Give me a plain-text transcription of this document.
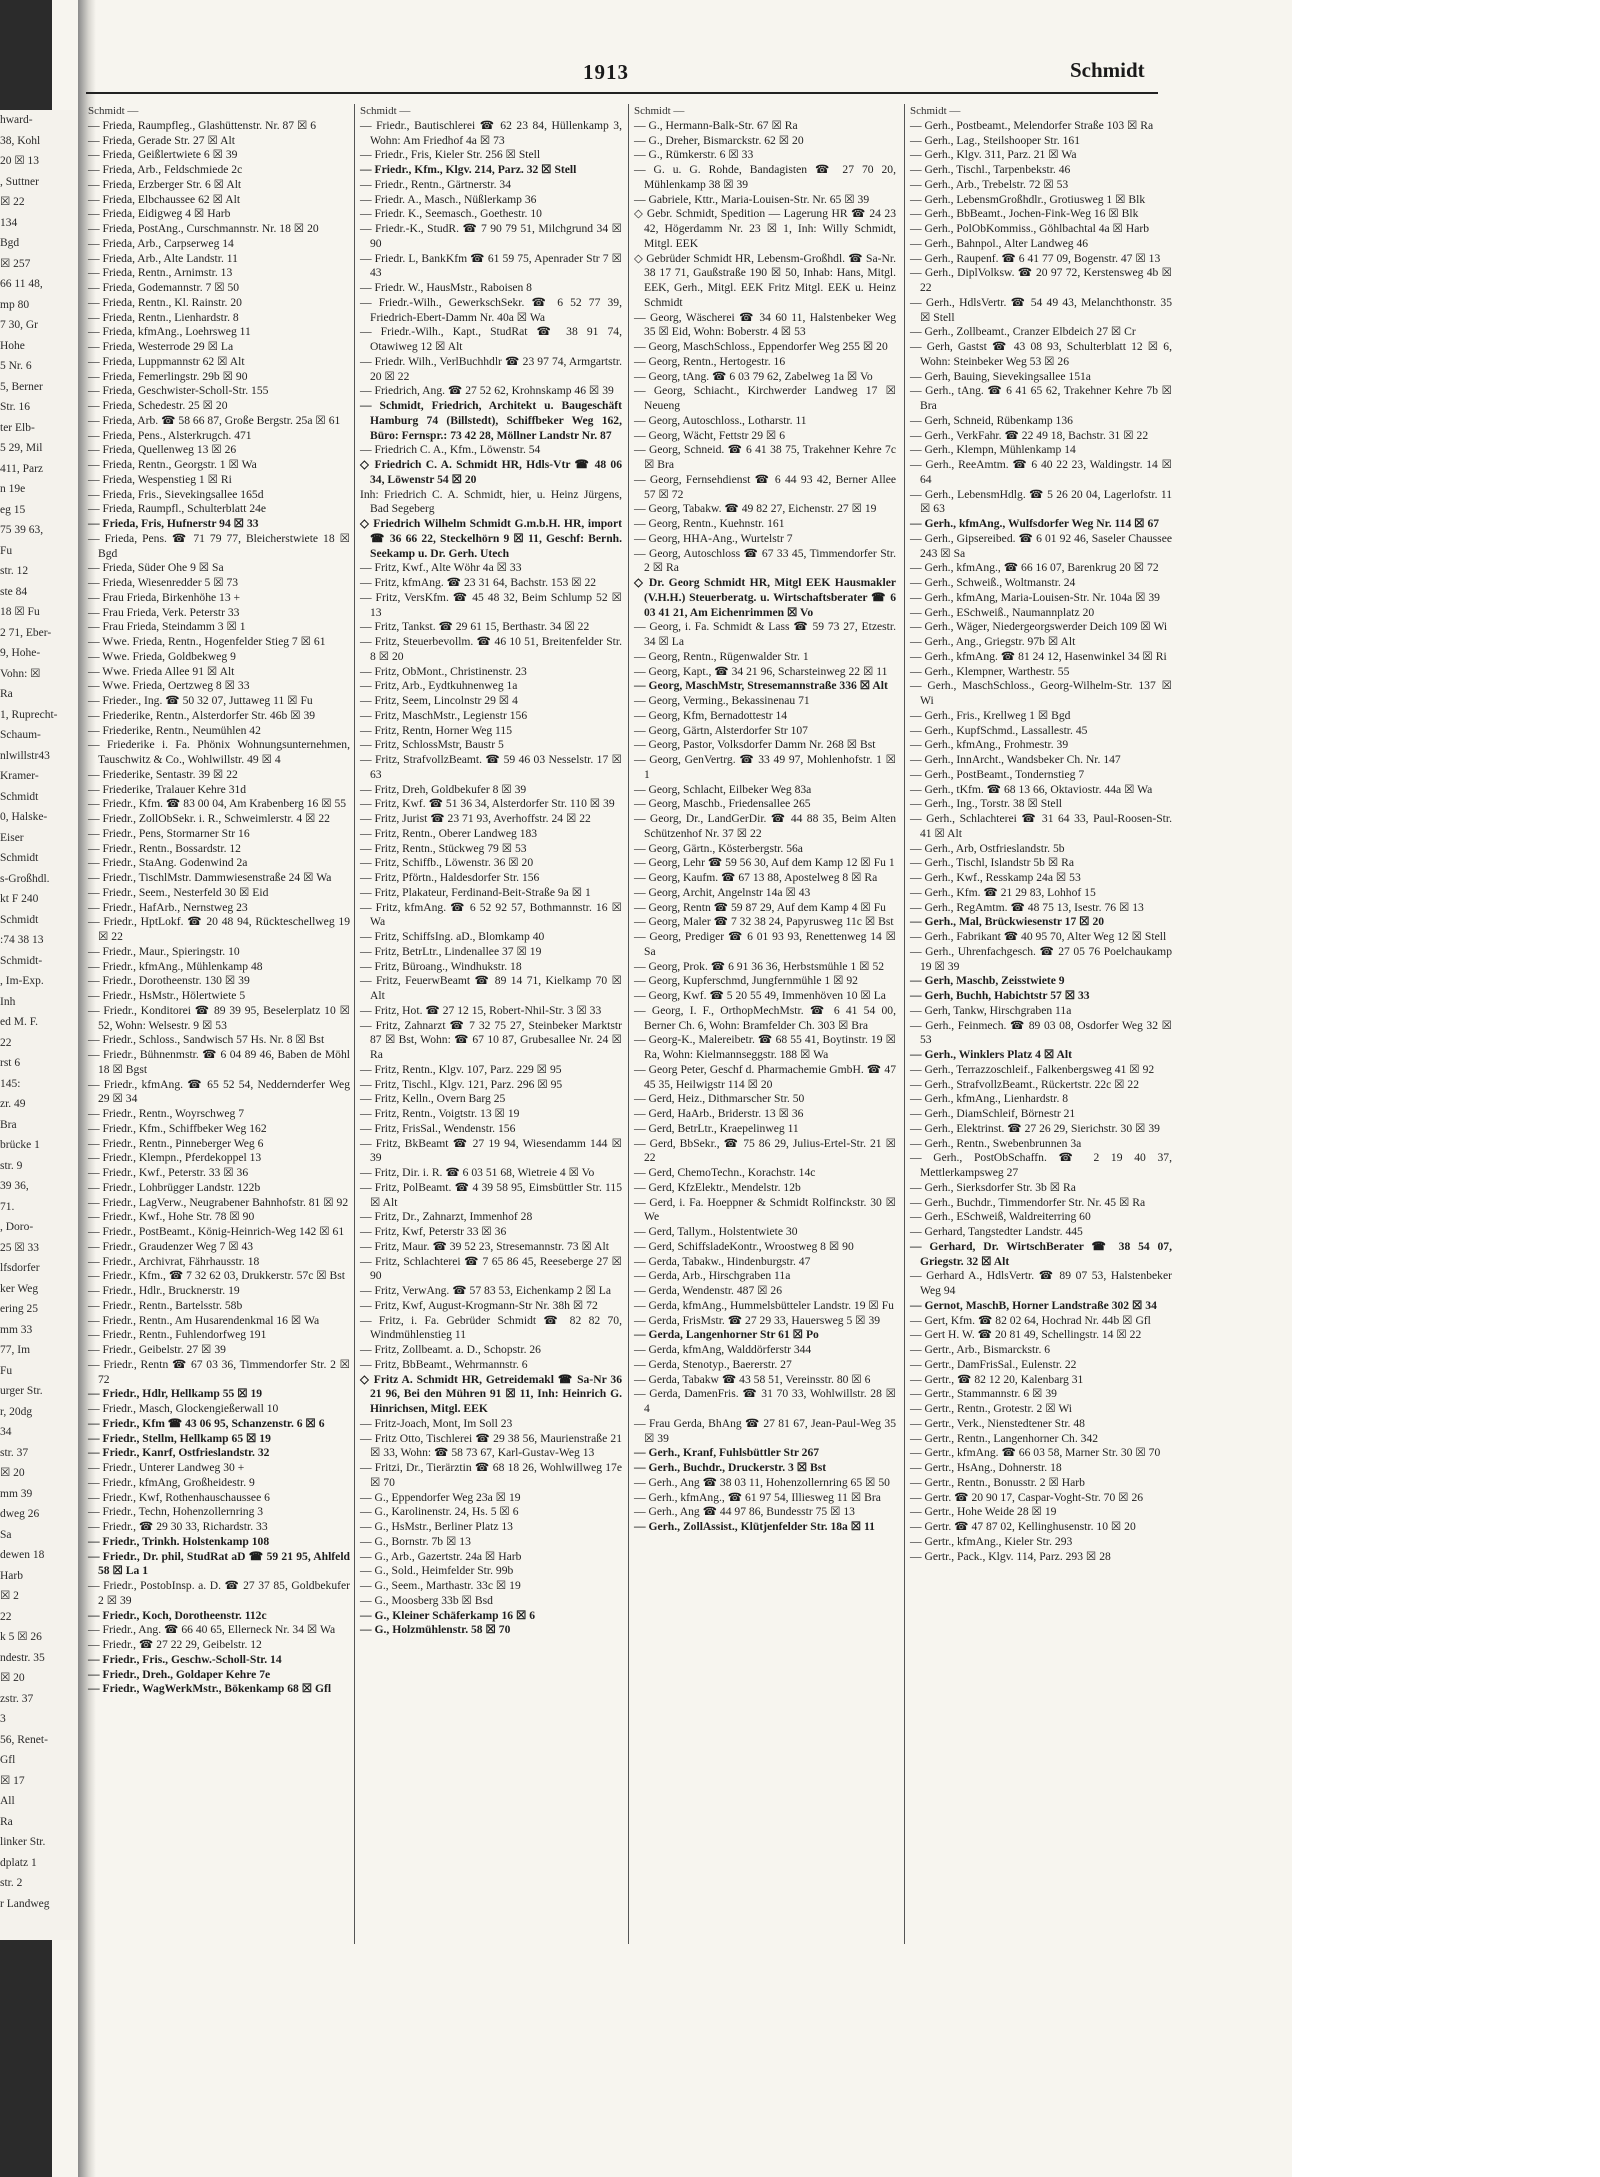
hward-
38, Kohl
20 ☒ 13
, Suttner
☒ 22
134
Bgd
☒ 257
66 11 48,
mp 80
7 30, Gr
Hohe
5 Nr. 6
5, Berner
Str. 16
ter Elb-
5 29, Mil
411, Parz
n 19e
eg 15
75 39 63,
Fu
str. 12
ste 84
18 ☒ Fu
2 71, Eber-
9, Hohe-
Vohn: ☒
Ra
1, Ruprecht-
Schaum-
nlwillstr43
Kramer-
Schmidt
0, Halske-
Eiser
Schmidt
s-Großhdl.
kt F 240
Schmidt
:74 38 13
Schmidt-
, Im-Exp.
Inh
ed M. F.
22
rst 6
145:
zr. 49
Bra
brücke 1
str. 9
39 36,
71.
, Doro-
25 ☒ 33
lfsdorfer
ker Weg
ering 25
mm 33
77, Im
Fu
urger Str.
r, 20dg
34
str. 37
☒ 20
mm 39
dweg 26
Sa
dewen 18
Harb
☒ 2
22
k 5 ☒ 26
ndestr. 35
☒ 20
zstr. 37
3
56, Renet-
Gfl
☒ 17
All
Ra
linker Str.
dplatz 1
str. 2
r Landweg
1913	Schmidt
Schmidt —
— Frieda, Raumpfleg., Glashüttenstr. Nr. 87 ☒ 6
— Frieda, Gerade Str. 27 ☒ Alt
— Frieda, Geißlertwiete 6 ☒ 39
— Frieda, Arb., Feldschmiede 2c
— Frieda, Erzberger Str. 6 ☒ Alt
— Frieda, Elbchaussee 62 ☒ Alt
— Frieda, Eidigweg 4 ☒ Harb
— Frieda, PostAng., Curschmannstr. Nr. 18 ☒ 20
— Frieda, Arb., Carpserweg 14
— Frieda, Arb., Alte Landstr. 11
— Frieda, Rentn., Arnimstr. 13
— Frieda, Godemannstr. 7 ☒ 50
— Frieda, Rentn., Kl. Rainstr. 20
— Frieda, Rentn., Lienhardstr. 8
— Frieda, kfmAng., Loehrsweg 11
— Frieda, Westerrode 29 ☒ La
— Frieda, Luppmannstr 62 ☒ Alt
— Frieda, Femerlingstr. 29b ☒ 90
— Frieda, Geschwister-Scholl-Str. 155
— Frieda, Schedestr. 25 ☒ 20
— Frieda, Arb. ☎ 58 66 87, Große Bergstr. 25a ☒ 61
— Frieda, Pens., Alsterkrugch. 471
— Frieda, Quellenweg 13 ☒ 26
— Frieda, Rentn., Georgstr. 1 ☒ Wa
— Frieda, Wespenstieg 1 ☒ Ri
— Frieda, Fris., Sievekingsallee 165d
— Frieda, Raumpfl., Schulterblatt 24e
— Frieda, Fris, Hufnerstr 94 ☒ 33
— Frieda, Pens. ☎ 71 79 77, Bleicherstwiete 18 ☒ Bgd
— Frieda, Süder Ohe 9 ☒ Sa
— Frieda, Wiesenredder 5 ☒ 73
— Frau Frieda, Birkenhöhe 13 +
— Frau Frieda, Verk. Peterstr 33
— Frau Frieda, Steindamm 3 ☒ 1
— Wwe. Frieda, Rentn., Hogenfelder Stieg 7 ☒ 61
— Wwe. Frieda, Goldbekweg 9
— Wwe. Frieda Allee 91 ☒ Alt
— Wwe. Frieda, Oertzweg 8 ☒ 33
— Frieder., Ing. ☎ 50 32 07, Juttaweg 11 ☒ Fu
— Friederike, Rentn., Alsterdorfer Str. 46b ☒ 39
— Friederike, Rentn., Neumühlen 42
— Friederike i. Fa. Phönix Wohnungsunternehmen, Tauschwitz & Co., Wohlwillstr. 49 ☒ 4
— Friederike, Sentastr. 39 ☒ 22
— Friederike, Tralauer Kehre 31d
— Friedr., Kfm. ☎ 83 00 04, Am Krabenberg 16 ☒ 55
— Friedr., ZollObSekr. i. R., Schweimlerstr. 4 ☒ 22
— Friedr., Pens, Stormarner Str 16
— Friedr., Rentn., Bossardstr. 12
— Friedr., StaAng. Godenwind 2a
— Friedr., TischlMstr. Dammwiesenstraße 24 ☒ Wa
— Friedr., Seem., Nesterfeld 30 ☒ Eid
— Friedr., HafArb., Nernstweg 23
— Friedr., HptLokf. ☎ 20 48 94, Rückteschellweg 19 ☒ 22
— Friedr., Maur., Spieringstr. 10
— Friedr., kfmAng., Mühlenkamp 48
— Friedr., Dorotheenstr. 130 ☒ 39
— Friedr., HsMstr., Hölertwiete 5
— Friedr., Konditorei ☎ 89 39 95, Beselerplatz 10 ☒ 52, Wohn: Welsestr. 9 ☒ 53
— Friedr., Schloss., Sandwisch 57 Hs. Nr. 8 ☒ Bst
— Friedr., Bühnenmstr. ☎ 6 04 89 46, Baben de Möhl 18 ☒ Bgst
— Friedr., kfmAng. ☎ 65 52 54, Neddernderfer Weg 29 ☒ 34
— Friedr., Rentn., Woyrschweg 7
— Friedr., Kfm., Schiffbeker Weg 162
— Friedr., Rentn., Pinneberger Weg 6
— Friedr., Klempn., Pferdekoppel 13
— Friedr., Kwf., Peterstr. 33 ☒ 36
— Friedr., Lohbrügger Landstr. 122b
— Friedr., LagVerw., Neugrabener Bahnhofstr. 81 ☒ 92
— Friedr., Kwf., Hohe Str. 78 ☒ 90
— Friedr., PostBeamt., König-Heinrich-Weg 142 ☒ 61
— Friedr., Graudenzer Weg 7 ☒ 43
— Friedr., Archivrat, Fährhausstr. 18
— Friedr., Kfm., ☎ 7 32 62 03, Drukkerstr. 57c ☒ Bst
— Friedr., Hdlr., Brucknerstr. 19
— Friedr., Rentn., Bartelsstr. 58b
— Friedr., Rentn., Am Husarendenkmal 16 ☒ Wa
— Friedr., Rentn., Fuhlendorfweg 191
— Friedr., Geibelstr. 27 ☒ 39
— Friedr., Rentn ☎ 67 03 36, Timmendorfer Str. 2 ☒ 72
— Friedr., Hdlr, Hellkamp 55 ☒ 19
— Friedr., Masch, Glockengießerwall 10
— Friedr., Kfm ☎ 43 06 95, Schanzenstr. 6 ☒ 6
— Friedr., Stellm, Hellkamp 65 ☒ 19
— Friedr., Kanrf, Ostfrieslandstr. 32
— Friedr., Unterer Landweg 30 +
— Friedr., kfmAng, Großheidestr. 9
— Friedr., Kwf, Rothenhauschaussee 6
— Friedr., Techn, Hohenzollernring 3
— Friedr., ☎ 29 30 33, Richardstr. 33
— Friedr., Trinkh. Holstenkamp 108
— Friedr., Dr. phil, StudRat aD ☎ 59 21 95, Ahlfeld 58 ☒ La 1
— Friedr., PostobInsp. a. D. ☎ 27 37 85, Goldbekufer 2 ☒ 39
— Friedr., Koch, Dorotheenstr. 112c
— Friedr., Ang. ☎ 66 40 65, Ellerneck Nr. 34 ☒ Wa
— Friedr., ☎ 27 22 29, Geibelstr. 12
— Friedr., Fris., Geschw.-Scholl-Str. 14
— Friedr., Dreh., Goldaper Kehre 7e
— Friedr., WagWerkMstr., Bökenkamp 68 ☒ Gfl
Schmidt —
— Friedr., Bautischlerei ☎ 62 23 84, Hüllenkamp 3, Wohn: Am Friedhof 4a ☒ 73
— Friedr., Fris, Kieler Str. 256 ☒ Stell
— Friedr., Kfm., Klgv. 214, Parz. 32 ☒ Stell
— Friedr., Rentn., Gärtnerstr. 34
— Friedr. A., Masch., Nüßlerkamp 36
— Friedr. K., Seemasch., Goethestr. 10
— Friedr.-K., StudR. ☎ 7 90 79 51, Milchgrund 34 ☒ 90
— Friedr. L, BankKfm ☎ 61 59 75, Apenrader Str 7 ☒ 43
— Friedr. W., HausMstr., Raboisen 8
— Friedr.-Wilh., GewerkschSekr. ☎ 6 52 77 39, Friedrich-Ebert-Damm Nr. 40a ☒ Wa
— Friedr.-Wilh., Kapt., StudRat ☎ 38 91 74, Otawiweg 12 ☒ Alt
— Friedr. Wilh., VerlBuchhdlr ☎ 23 97 74, Armgartstr. 20 ☒ 22
— Friedrich, Ang. ☎ 27 52 62, Krohnskamp 46 ☒ 39
— Schmidt, Friedrich, Architekt u. Baugeschäft Hamburg 74 (Billstedt), Schiffbeker Weg 162, Büro: Fernspr.: 73 42 28, Möllner Landstr Nr. 87
— Friedrich C. A., Kfm., Löwenstr. 54
◇ Friedrich C. A. Schmidt HR, Hdls-Vtr ☎ 48 06 34, Löwenstr 54 ☒ 20
Inh: Friedrich C. A. Schmidt, hier, u. Heinz Jürgens, Bad Segeberg
◇ Friedrich Wilhelm Schmidt G.m.b.H. HR, import ☎ 36 66 22, Steckelhörn 9 ☒ 11, Geschf: Bernh. Seekamp u. Dr. Gerh. Utech
— Fritz, Kwf., Alte Wöhr 4a ☒ 33
— Fritz, kfmAng. ☎ 23 31 64, Bachstr. 153 ☒ 22
— Fritz, VersKfm. ☎ 45 48 32, Beim Schlump 52 ☒ 13
— Fritz, Tankst. ☎ 29 61 15, Berthastr. 34 ☒ 22
— Fritz, Steuerbevollm. ☎ 46 10 51, Breitenfelder Str. 8 ☒ 20
— Fritz, ObMont., Christinenstr. 23
— Fritz, Arb., Eydtkuhnenweg 1a
— Fritz, Seem, Lincolnstr 29 ☒ 4
— Fritz, MaschMstr., Legienstr 156
— Fritz, Rentn, Horner Weg 115
— Fritz, SchlossMstr, Baustr 5
— Fritz, StrafvollzBeamt. ☎ 59 46 03 Nesselstr. 17 ☒ 63
— Fritz, Dreh, Goldbekufer 8 ☒ 39
— Fritz, Kwf. ☎ 51 36 34, Alsterdorfer Str. 110 ☒ 39
— Fritz, Jurist ☎ 23 71 93, Averhoffstr. 24 ☒ 22
— Fritz, Rentn., Oberer Landweg 183
— Fritz, Rentn., Stückweg 79 ☒ 53
— Fritz, Schiffb., Löwenstr. 36 ☒ 20
— Fritz, Pförtn., Haldesdorfer Str. 156
— Fritz, Plakateur, Ferdinand-Beit-Straße 9a ☒ 1
— Fritz, kfmAng. ☎ 6 52 92 57, Bothmannstr. 16 ☒ Wa
— Fritz, SchiffsIng. aD., Blomkamp 40
— Fritz, BetrLtr., Lindenallee 37 ☒ 19
— Fritz, Büroang., Windhukstr. 18
— Fritz, FeuerwBeamt ☎ 89 14 71, Kielkamp 70 ☒ Alt
— Fritz, Hot. ☎ 27 12 15, Robert-Nhil-Str. 3 ☒ 33
— Fritz, Zahnarzt ☎ 7 32 75 27, Steinbeker Marktstr 87 ☒ Bst, Wohn: ☎ 67 10 87, Grubesallee Nr. 24 ☒ Ra
— Fritz, Rentn., Klgv. 107, Parz. 229 ☒ 95
— Fritz, Tischl., Klgv. 121, Parz. 296 ☒ 95
— Fritz, Kelln., Overn Barg 25
— Fritz, Rentn., Voigtstr. 13 ☒ 19
— Fritz, FrisSal., Wendenstr. 156
— Fritz, BkBeamt ☎ 27 19 94, Wiesendamm 144 ☒ 39
— Fritz, Dir. i. R. ☎ 6 03 51 68, Wietreie 4 ☒ Vo
— Fritz, PolBeamt. ☎ 4 39 58 95, Eimsbüttler Str. 115 ☒ Alt
— Fritz, Dr., Zahnarzt, Immenhof 28
— Fritz, Kwf, Peterstr 33 ☒ 36
— Fritz, Maur. ☎ 39 52 23, Stresemannstr. 73 ☒ Alt
— Fritz, Schlachterei ☎ 7 65 86 45, Reesebergе 27 ☒ 90
— Fritz, VerwAng. ☎ 57 83 53, Eichenkamp 2 ☒ La
— Fritz, Kwf, August-Krogmann-Str Nr. 38h ☒ 72
— Fritz, i. Fa. Gebrüder Schmidt ☎ 82 82 70, Windmühlenstieg 11
— Fritz, Zollbeamt. a. D., Schopstr. 26
— Fritz, BbBeamt., Wehrmannstr. 6
◇ Fritz A. Schmidt HR, Getreidemakl ☎ Sa-Nr 36 21 96, Bei den Mühren 91 ☒ 11, Inh: Heinrich G. Hinrichsen, Mitgl. EEK
— Fritz-Joach, Mont, Im Soll 23
— Fritz Otto, Tischlerei ☎ 29 38 56, Maurienstraße 21 ☒ 33, Wohn: ☎ 58 73 67, Karl-Gustav-Weg 13
— Fritzi, Dr., Tierärztin ☎ 68 18 26, Wohlwillweg 17e ☒ 70
— G., Eppendorfer Weg 23a ☒ 19
— G., Karolinenstr. 24, Hs. 5 ☒ 6
— G., HsMstr., Berliner Platz 13
— G., Bornstr. 7b ☒ 13
— G., Arb., Gazertstr. 24a ☒ Harb
— G., Sold., Heimfelder Str. 99b
— G., Seem., Marthastr. 33c ☒ 19
— G., Moosberg 33b ☒ Bsd
— G., Kleiner Schäferkamp 16 ☒ 6
— G., Holzmühlenstr. 58 ☒ 70
Schmidt —
— G., Hermann-Balk-Str. 67 ☒ Ra
— G., Dreher, Bismarckstr. 62 ☒ 20
— G., Rümkerstr. 6 ☒ 33
— G. u. G. Rohde, Bandagisten ☎ 27 70 20, Mühlenkamp 38 ☒ 39
— Gabriele, Kttr., Maria-Louisen-Str. Nr. 65 ☒ 39
◇ Gebr. Schmidt, Spedition — Lagerung HR ☎ 24 23 42, Högerdamm Nr. 23 ☒ 1, Inh: Willy Schmidt, Mitgl. EEK
◇ Gebrüder Schmidt HR, Lebensm-Großhdl. ☎ Sa-Nr. 38 17 71, Gaußstraße 190 ☒ 50, Inhab: Hans, Mitgl. EEK, Gerh., Mitgl. EEK Fritz Mitgl. EEK u. Heinz Schmidt
— Georg, Wäscherei ☎ 34 60 11, Halstenbeker Weg 35 ☒ Eid, Wohn: Boberstr. 4 ☒ 53
— Georg, MaschSchloss., Eppendorfer Weg 255 ☒ 20
— Georg, Rentn., Hertogestr. 16
— Georg, tAng. ☎ 6 03 79 62, Zabelweg 1a ☒ Vo
— Georg, Schiacht., Kirchwerder Landweg 17 ☒ Neueng
— Georg, Autoschloss., Lotharstr. 11
— Georg, Wächt, Fettstr 29 ☒ 6
— Georg, Schneid. ☎ 6 41 38 75, Trakehner Kehre 7c ☒ Bra
— Georg, Fernsehdienst ☎ 6 44 93 42, Berner Allee 57 ☒ 72
— Georg, Tabakw. ☎ 49 82 27, Eichenstr. 27 ☒ 19
— Georg, Rentn., Kuehnstr. 161
— Georg, HHA-Ang., Wurtelstr 7
— Georg, Autoschloss ☎ 67 33 45, Timmendorfer Str. 2 ☒ Ra
◇ Dr. Georg Schmidt HR, Mitgl EEK Hausmakler (V.H.H.) Steuerberatg. u. Wirtschaftsberater ☎ 6 03 41 21, Am Eichenrimmen ☒ Vo
— Georg, i. Fa. Schmidt & Lass ☎ 59 73 27, Etzestr. 34 ☒ La
— Georg, Rentn., Rügenwalder Str. 1
— Georg, Kapt., ☎ 34 21 96, Scharsteinweg 22 ☒ 11
— Georg, MaschMstr, Stresemannstraße 336 ☒ Alt
— Georg, Verming., Bekassinenau 71
— Georg, Kfm, Bernadottestr 14
— Georg, Gärtn, Alsterdorfer Str 107
— Georg, Pastor, Volksdorfer Damm Nr. 268 ☒ Bst
— Georg, GenVertrg. ☎ 33 49 97, Mohlenhofstr. 1 ☒ 1
— Georg, Schlacht, Eilbeker Weg 83a
— Georg, Maschb., Friedensallee 265
— Georg, Dr., LandGerDir. ☎ 44 88 35, Beim Alten Schützenhof Nr. 37 ☒ 22
— Georg, Gärtn., Kösterbergstr. 56a
— Georg, Lehr ☎ 59 56 30, Auf dem Kamp 12 ☒ Fu 1
— Georg, Kaufm. ☎ 67 13 88, Apostelweg 8 ☒ Ra
— Georg, Archit, Angelnstr 14a ☒ 43
— Georg, Rentn ☎ 59 87 29, Auf dem Kamp 4 ☒ Fu
— Georg, Maler ☎ 7 32 38 24, Papyrusweg 11c ☒ Bst
— Georg, Prediger ☎ 6 01 93 93, Renettenweg 14 ☒ Sa
— Georg, Prok. ☎ 6 91 36 36, Herbstsmühle 1 ☒ 52
— Georg, Kupferschmd, Jungfernmühle 1 ☒ 92
— Georg, Kwf. ☎ 5 20 55 49, Immenhöven 10 ☒ La
— Georg, I. F., OrthopMechMstr. ☎ 6 41 54 00, Berner Ch. 6, Wohn: Bramfelder Ch. 303 ☒ Bra
— Georg-K., Malereibetr. ☎ 68 55 41, Boytinstr. 19 ☒ Ra, Wohn: Kielmannseggstr. 188 ☒ Wa
— Georg Peter, Geschf d. Pharmachemie GmbH. ☎ 47 45 35, Heilwigstr 114 ☒ 20
— Gerd, Heiz., Dithmarscher Str. 50
— Gerd, HaArb., Briderstr. 13 ☒ 36
— Gerd, BetrLtr., Kraepelinweg 11
— Gerd, BbSekr., ☎ 75 86 29, Julius-Ertel-Str. 21 ☒ 22
— Gerd, ChemoTechn., Korachstr. 14c
— Gerd, KfzElektr., Mendelstr. 12b
— Gerd, i. Fa. Hoeppner & Schmidt Rolfinckstr. 30 ☒ We
— Gerd, Tallym., Holstentwiete 30
— Gerd, SchiffsladeKontr., Wroostweg 8 ☒ 90
— Gerda, Tabakw., Hindenburgstr. 47
— Gerda, Arb., Hirschgraben 11a
— Gerda, Wendenstr. 487 ☒ 26
— Gerda, kfmAng., Hummelsbütteler Landstr. 19 ☒ Fu
— Gerda, FrisMstr. ☎ 27 29 33, Hauersweg 5 ☒ 39
— Gerda, Langenhorner Str 61 ☒ Po
— Gerda, kfmAng, Walddörferstr 344
— Gerda, Stenotyp., Baererstr. 27
— Gerda, Tabakw ☎ 43 58 51, Vereinsstr. 80 ☒ 6
— Gerda, DamenFris. ☎ 31 70 33, Wohlwillstr. 28 ☒ 4
— Frau Gerda, BhAng ☎ 27 81 67, Jean-Paul-Weg 35 ☒ 39
— Gerh., Kranf, Fuhlsbüttler Str 267
— Gerh., Buchdr., Druckerstr. 3 ☒ Bst
— Gerh., Ang ☎ 38 03 11, Hohenzollernring 65 ☒ 50
— Gerh., kfmAng., ☎ 61 97 54, Illiesweg 11 ☒ Bra
— Gerh., Ang ☎ 44 97 86, Bundesstr 75 ☒ 13
— Gerh., ZollAssist., Klütjenfelder Str. 18a ☒ 11
Schmidt —
— Gerh., Postbeamt., Melendorfer Straße 103 ☒ Ra
— Gerh., Lag., Steilshooper Str. 161
— Gerh., Klgv. 311, Parz. 21 ☒ Wa
— Gerh., Tischl., Tarpenbekstr. 46
— Gerh., Arb., Trebelstr. 72 ☒ 53
— Gerh., LebensmGroßhdlr., Grotiusweg 1 ☒ Blk
— Gerh., BbBeamt., Jochen-Fink-Weg 16 ☒ Blk
— Gerh., PolObKommiss., Göhlbachtal 4a ☒ Harb
— Gerh., Bahnpol., Alter Landweg 46
— Gerh., Raupenf. ☎ 6 41 77 09, Bogenstr. 47 ☒ 13
— Gerh., DiplVolksw. ☎ 20 97 72, Kerstensweg 4b ☒ 22
— Gerh., HdlsVertr. ☎ 54 49 43, Melanchthonstr. 35 ☒ Stell
— Gerh., Zollbeamt., Cranzer Elbdeich 27 ☒ Cr
— Gerh, Gastst ☎ 43 08 93, Schulterblatt 12 ☒ 6, Wohn: Steinbeker Weg 53 ☒ 26
— Gerh, Bauing, Sievekingsallee 151a
— Gerh., tAng. ☎ 6 41 65 62, Trakehner Kehre 7b ☒ Bra
— Gerh, Schneid, Rübenkamp 136
— Gerh., VerkFahr. ☎ 22 49 18, Bachstr. 31 ☒ 22
— Gerh., Klempn, Mühlenkamp 14
— Gerh., ReeAmtm. ☎ 6 40 22 23, Waldingstr. 14 ☒ 64
— Gerh., LebensmHdlg. ☎ 5 26 20 04, Lagerlofstr. 11 ☒ 63
— Gerh., kfmAng., Wulfsdorfer Weg Nr. 114 ☒ 67
— Gerh., Gipsereibed. ☎ 6 01 92 46, Saseler Chaussee 243 ☒ Sa
— Gerh., kfmAng., ☎ 66 16 07, Barenkrug 20 ☒ 72
— Gerh., Schweiß., Woltmanstr. 24
— Gerh., kfmAng, Maria-Louisen-Str. Nr. 104a ☒ 39
— Gerh., ESchweiß., Naumannplatz 20
— Gerh., Wäger, Niedergeorgswerder Deich 109 ☒ Wi
— Gerh., Ang., Griegstr. 97b ☒ Alt
— Gerh., kfmAng. ☎ 81 24 12, Hasenwinkel 34 ☒ Ri
— Gerh., Klempner, Warthestr. 55
— Gerh., MaschSchloss., Georg-Wilhelm-Str. 137 ☒ Wi
— Gerh., Fris., Krellweg 1 ☒ Bgd
— Gerh., KupfSchmd., Lassallestr. 45
— Gerh., kfmAng., Frohmestr. 39
— Gerh., InnArcht., Wandsbeker Ch. Nr. 147
— Gerh., PostBeamt., Tondernstieg 7
— Gerh., tKfm. ☎ 68 13 66, Oktaviostr. 44a ☒ Wa
— Gerh., Ing., Torstr. 38 ☒ Stell
— Gerh., Schlachterei ☎ 31 64 33, Paul-Roosen-Str. 41 ☒ Alt
— Gerh., Arb, Ostfrieslandstr. 5b
— Gerh., Tischl, Islandstr 5b ☒ Ra
— Gerh., Kwf., Resskamp 24a ☒ 53
— Gerh., Kfm. ☎ 21 29 83, Lohhof 15
— Gerh., RegAmtm. ☎ 48 75 13, Isestr. 76 ☒ 13
— Gerh., Mal, Brückwiesenstr 17 ☒ 20
— Gerh., Fabrikant ☎ 40 95 70, Alter Weg 12 ☒ Stell
— Gerh., Uhrenfachgesch. ☎ 27 05 76 Poelchaukamp 19 ☒ 39
— Gerh, Maschb, Zeisstwiete 9
— Gerh, Buchh, Habichtstr 57 ☒ 33
— Gerh, Tankw, Hirschgraben 11a
— Gerh., Feinmech. ☎ 89 03 08, Osdorfer Weg 32 ☒ 53
— Gerh., Winklers Platz 4 ☒ Alt
— Gerh., Terrazzoschleif., Falkenbergsweg 41 ☒ 92
— Gerh., StrafvollzBeamt., Rückertstr. 22c ☒ 22
— Gerh., kfmAng., Lienhardstr. 8
— Gerh., DiamSchleif, Börnestr 21
— Gerh., Elektrinst. ☎ 27 26 29, Sierichstr. 30 ☒ 39
— Gerh., Rentn., Swebenbrunnen 3a
— Gerh., PostObSchaffn. ☎ 2 19 40 37, Mettlerkampsweg 27
— Gerh., Sierksdorfer Str. 3b ☒ Ra
— Gerh., Buchdr., Timmendorfer Str. Nr. 45 ☒ Ra
— Gerh., ESchweiß, Waldreiterring 60
— Gerhard, Tangstedter Landstr. 445
— Gerhard, Dr. WirtschBerater ☎ 38 54 07, Griegstr. 32 ☒ Alt
— Gerhard A., HdlsVertr. ☎ 89 07 53, Halstenbeker Weg 94
— Gernot, MaschB, Horner Landstraße 302 ☒ 34
— Gert, Kfm. ☎ 82 02 64, Hochrad Nr. 44b ☒ Gfl
— Gert H. W. ☎ 20 81 49, Schellingstr. 14 ☒ 22
— Gertr., Arb., Bismarckstr. 6
— Gertr., DamFrisSal., Eulenstr. 22
— Gertr., ☎ 82 12 20, Kalenbarg 31
— Gertr., Stammannstr. 6 ☒ 39
— Gertr., Rentn., Grotestr. 2 ☒ Wi
— Gertr., Verk., Nienstedtener Str. 48
— Gertr., Rentn., Langenhorner Ch. 342
— Gertr., kfmAng. ☎ 66 03 58, Marner Str. 30 ☒ 70
— Gertr., HsAng., Dohnerstr. 18
— Gertr., Rentn., Bonusstr. 2 ☒ Harb
— Gertr. ☎ 20 90 17, Caspar-Voght-Str. 70 ☒ 26
— Gertr., Hohe Weide 28 ☒ 19
— Gertr. ☎ 47 87 02, Kellinghusenstr. 10 ☒ 20
— Gertr., kfmAng., Kieler Str. 293
— Gertr., Pack., Klgv. 114, Parz. 293 ☒ 28
